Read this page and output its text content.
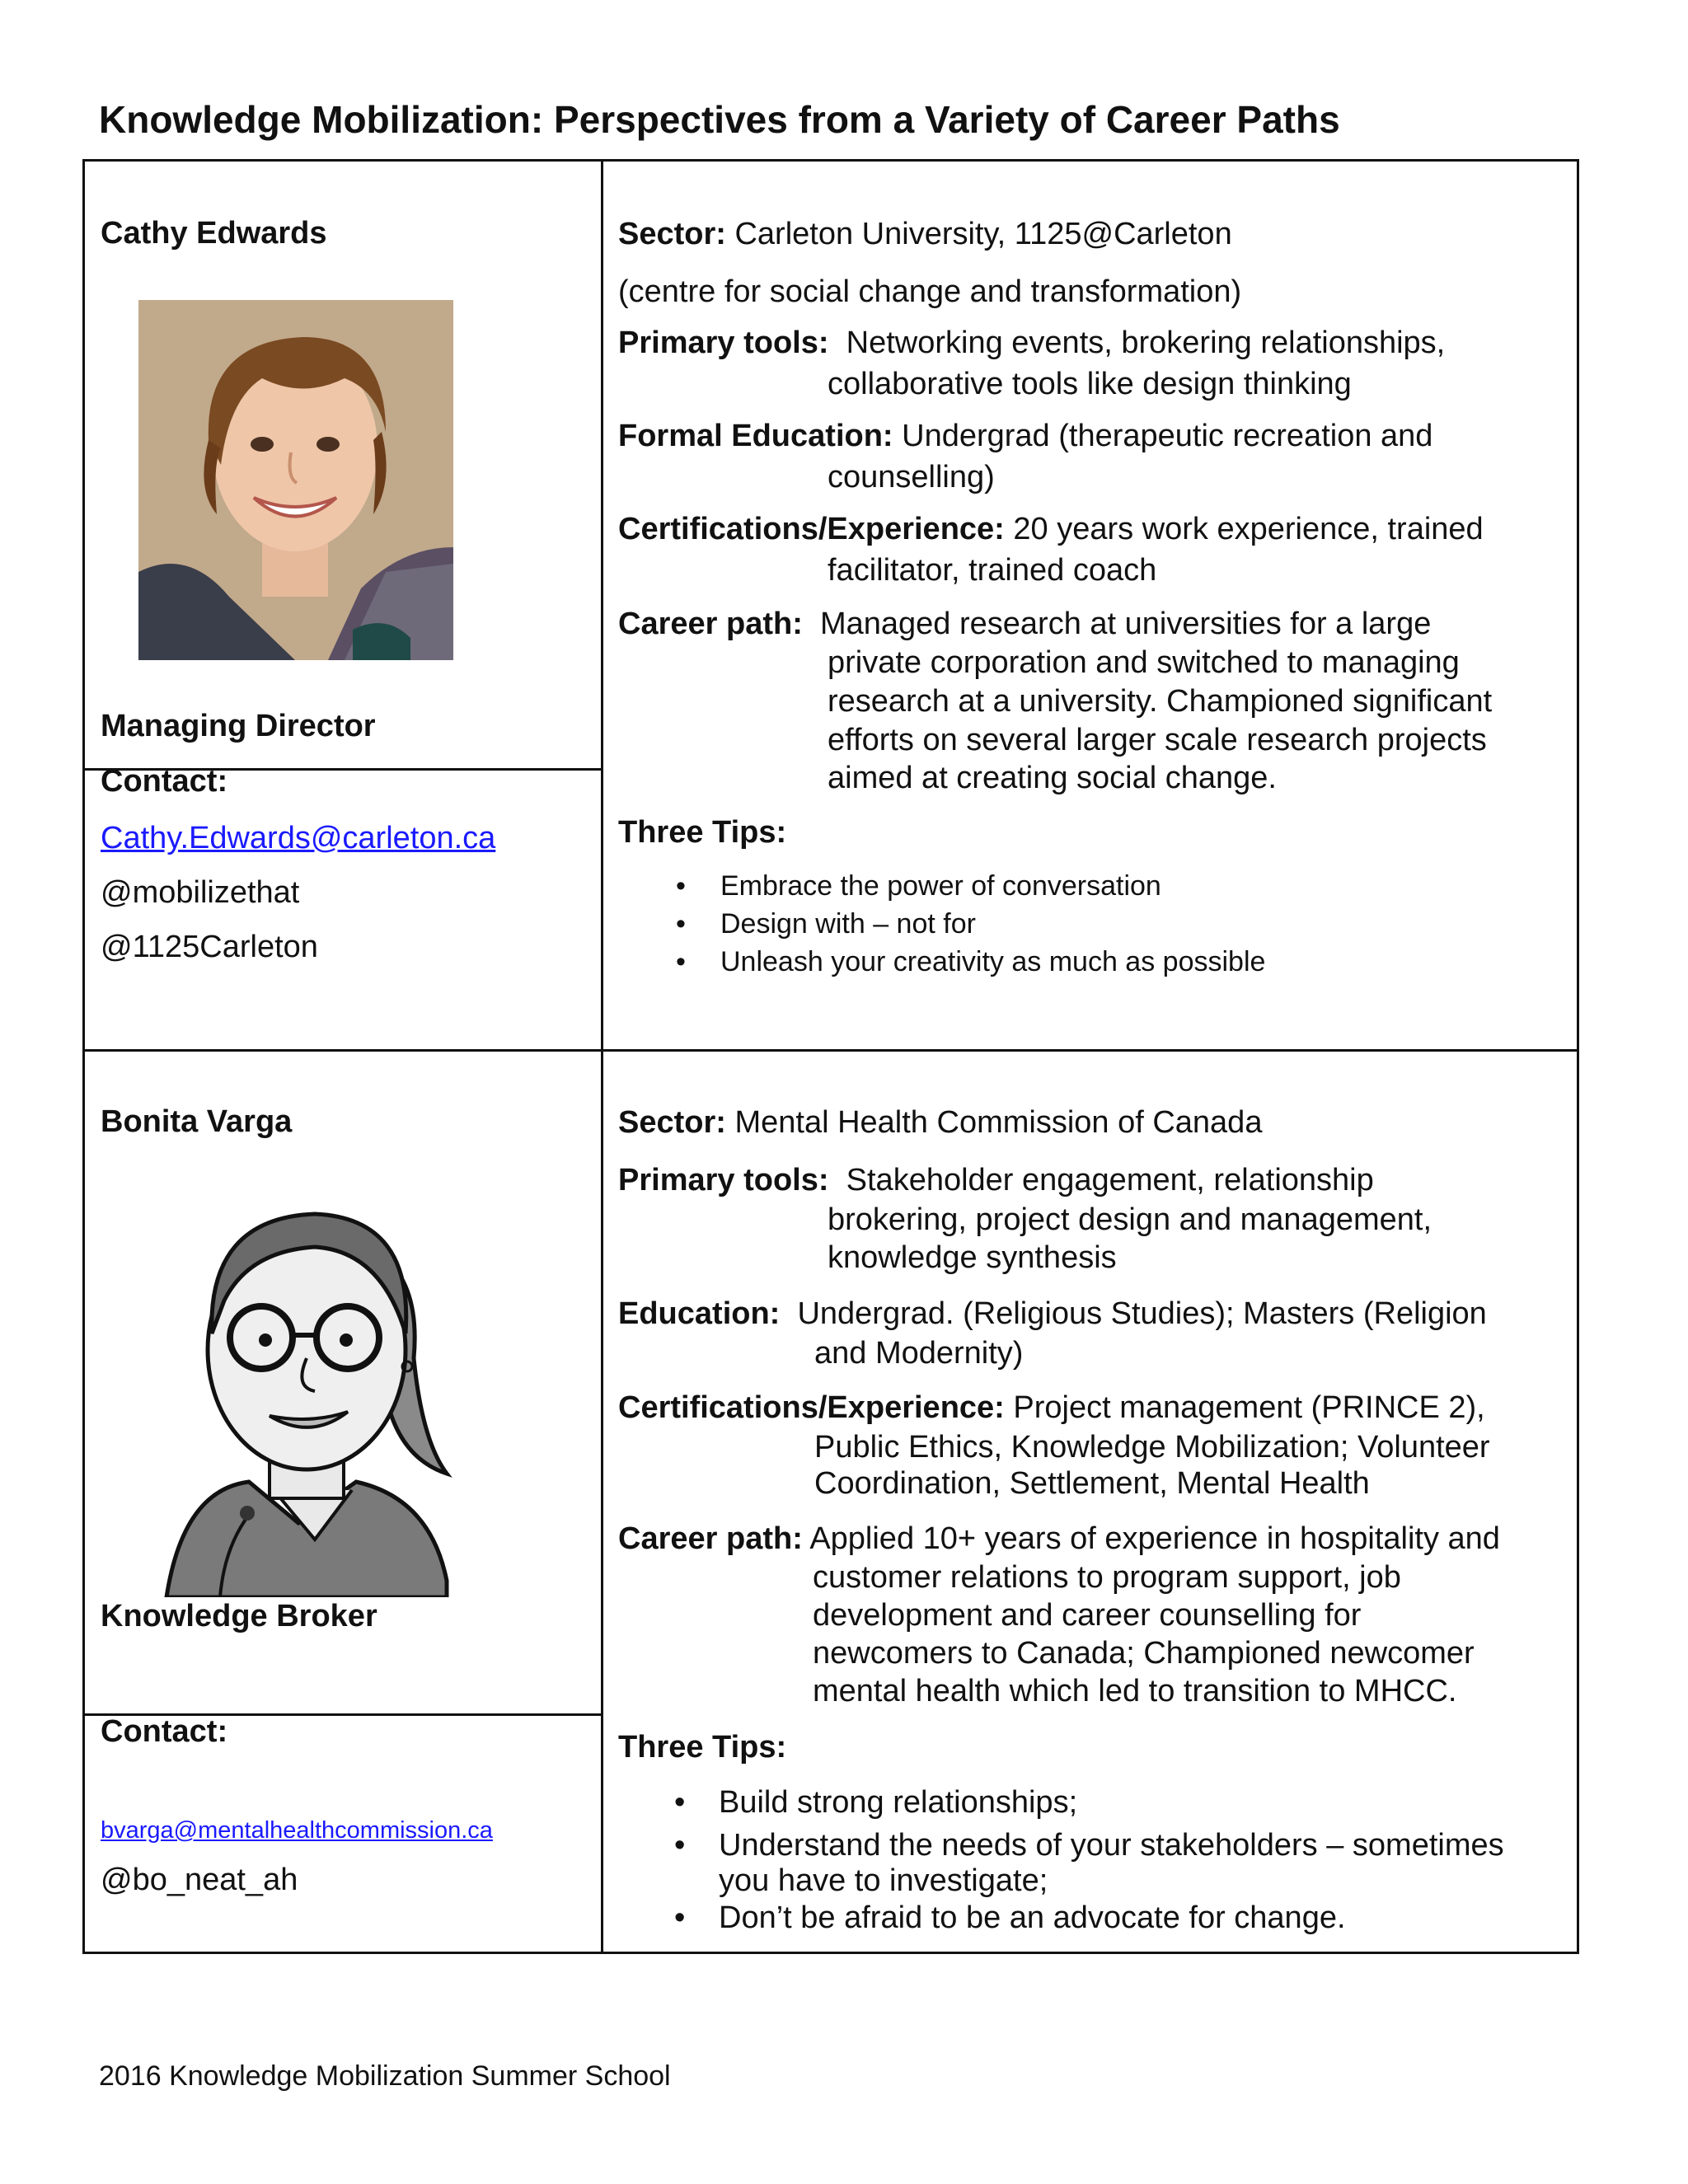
Knowledge Mobilization: Perspectives from a Variety of Career Paths
Cathy Edwards
Managing Director
Contact:
Cathy.Edwards@carleton.ca
@mobilizethat
@1125Carleton
Sector: Carleton University, 1125@Carleton
(centre for social change and transformation)
Primary tools: Networking events, brokering relationships,
collaborative tools like design thinking
Formal Education: Undergrad (therapeutic recreation and
counselling)
Certifications/Experience: 20 years work experience, trained
facilitator, trained coach
Career path: Managed research at universities for a large
private corporation and switched to managing
research at a university. Championed significant
efforts on several larger scale research projects
aimed at creating social change.
Three Tips:
• Embrace the power of conversation
• Design with – not for
• Unleash your creativity as much as possible
Bonita Varga
Knowledge Broker
Contact:
bvarga@mentalhealthcommission.ca
@bo_neat_ah
Sector: Mental Health Commission of Canada
Primary tools: Stakeholder engagement, relationship
brokering, project design and management,
knowledge synthesis
Education: Undergrad. (Religious Studies); Masters (Religion
and Modernity)
Certifications/Experience: Project management (PRINCE 2),
Public Ethics, Knowledge Mobilization; Volunteer
Coordination, Settlement, Mental Health
Career path: Applied 10+ years of experience in hospitality and
customer relations to program support, job
development and career counselling for
newcomers to Canada; Championed newcomer
mental health which led to transition to MHCC.
Three Tips:
• Build strong relationships;
• Understand the needs of your stakeholders – sometimes
you have to investigate;
• Don’t be afraid to be an advocate for change.
2016 Knowledge Mobilization Summer School
